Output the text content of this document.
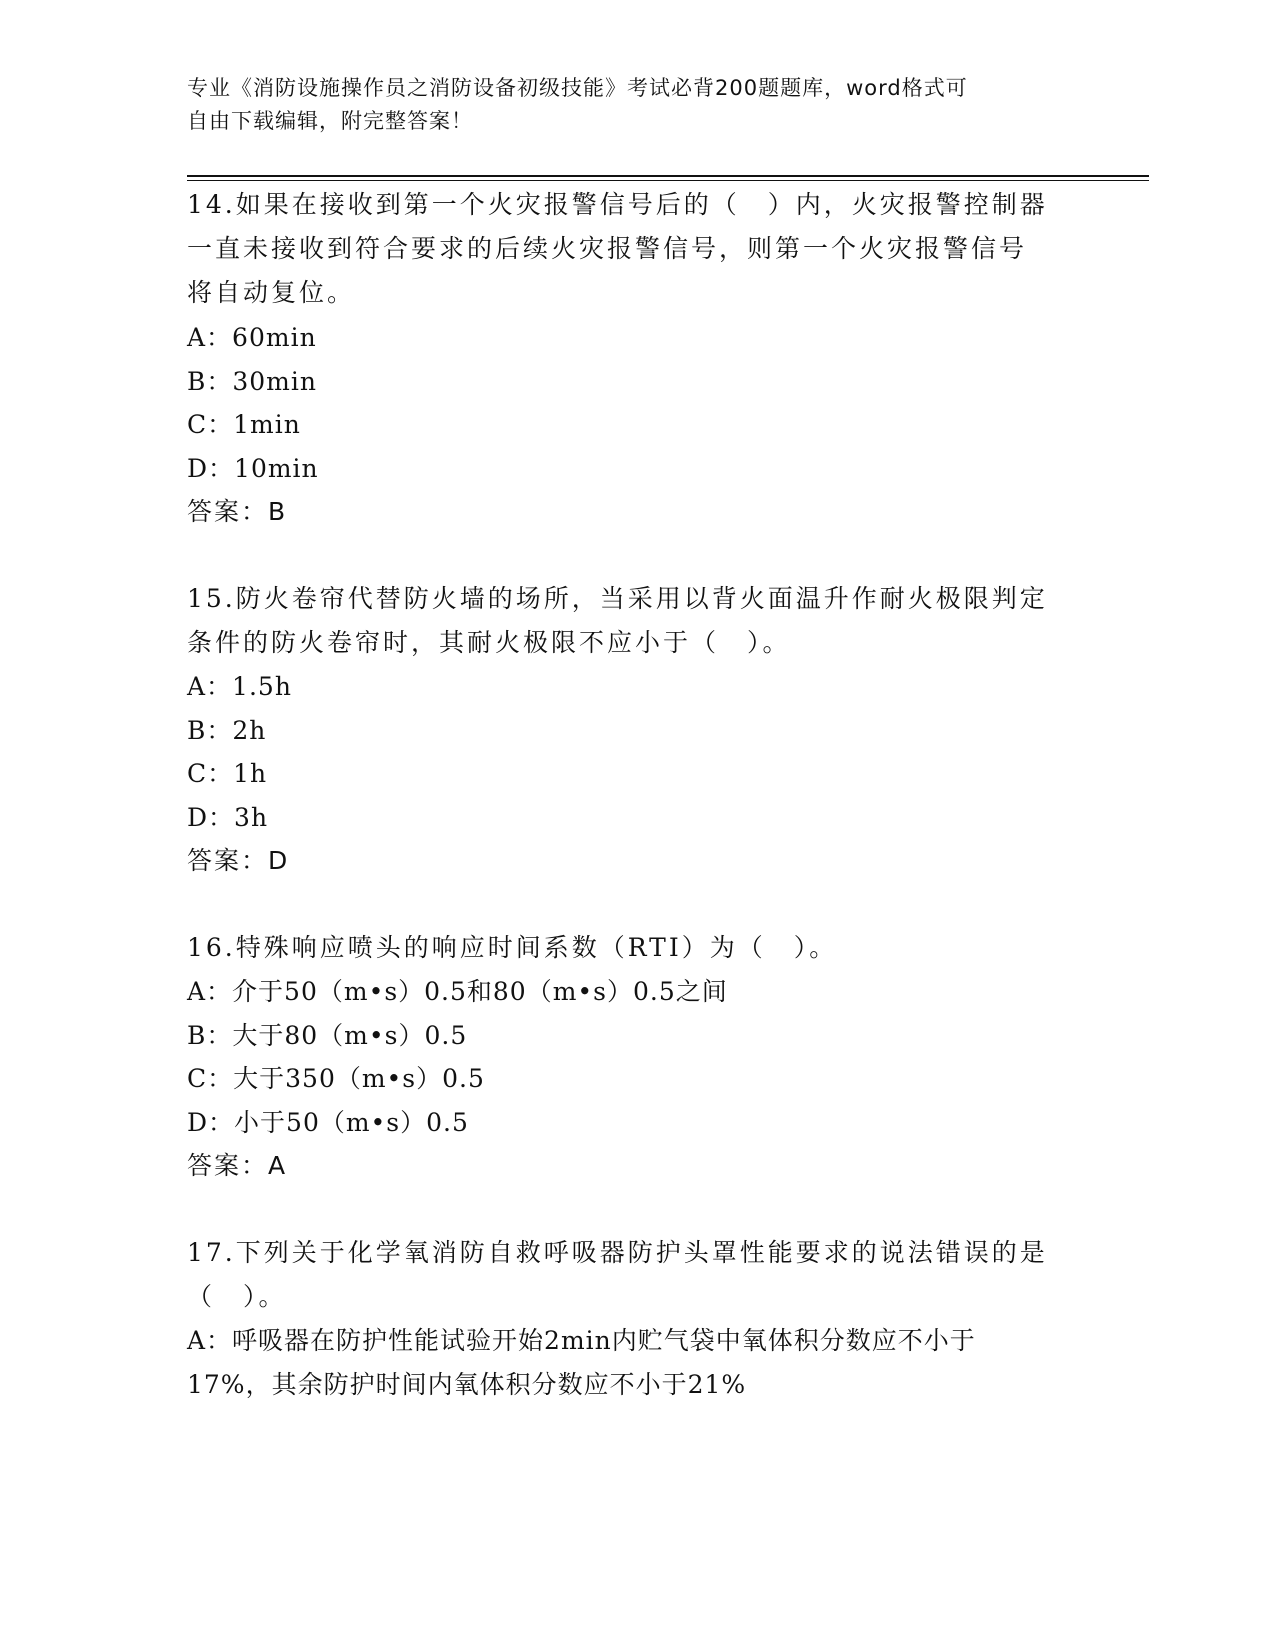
专业《消防设施操作员之消防设备初级技能》考试必背200题题库，word格式可
自由下载编辑，附完整答案！
14.如果在接收到第一个火灾报警信号后的（　）内，火灾报警控制器
一直未接收到符合要求的后续火灾报警信号，则第一个火灾报警信号
将自动复位。
A：60min
B：30min
C：1min
D：10min
答案：B
15.防火卷帘代替防火墙的场所，当采用以背火面温升作耐火极限判定
条件的防火卷帘时，其耐火极限不应小于（　）。
A：1.5h
B：2h
C：1h
D：3h
答案：D
16.特殊响应喷头的响应时间系数（RTI）为（　）。
A：介于50（m•s）0.5和80（m•s）0.5之间
B：大于80（m•s）0.5
C：大于350（m•s）0.5
D：小于50（m•s）0.5
答案：A
17.下列关于化学氧消防自救呼吸器防护头罩性能要求的说法错误的是
（　）。
A：呼吸器在防护性能试验开始2min内贮气袋中氧体积分数应不小于
17%，其余防护时间内氧体积分数应不小于21%
